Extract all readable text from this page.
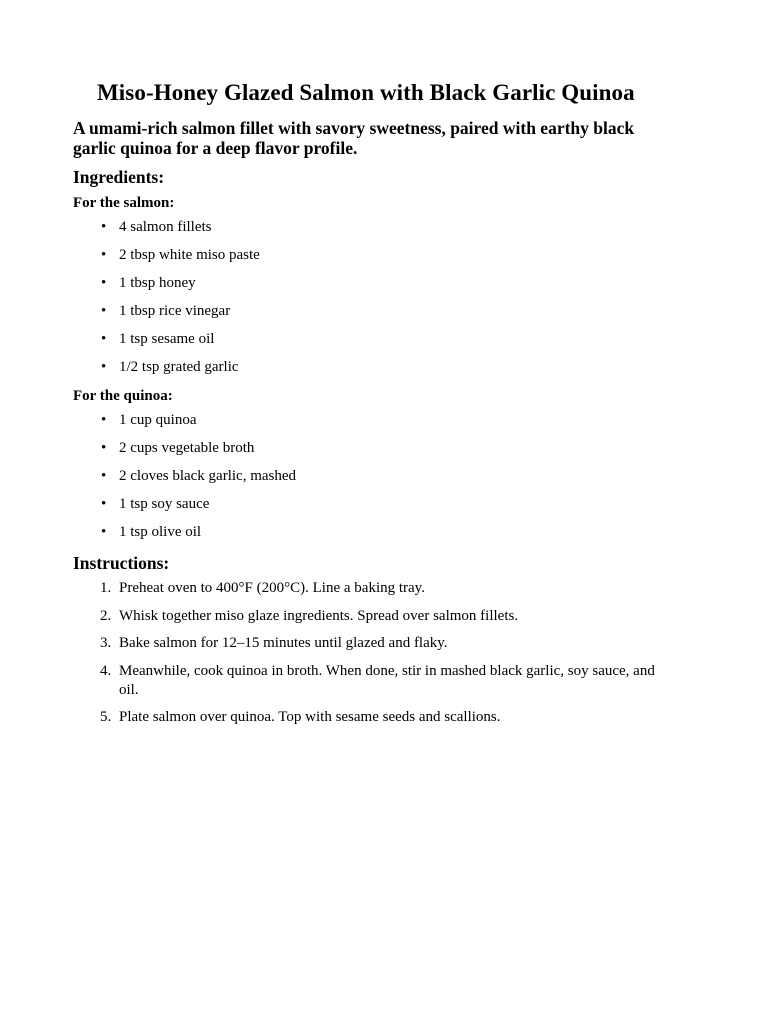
Miso-Honey Glazed Salmon with Black Garlic Quinoa
A umami-rich salmon fillet with savory sweetness, paired with earthy black garlic quinoa for a deep flavor profile.
Ingredients:
For the salmon:
• 4 salmon fillets
• 2 tbsp white miso paste
• 1 tbsp honey
• 1 tbsp rice vinegar
• 1 tsp sesame oil
• 1/2 tsp grated garlic
For the quinoa:
• 1 cup quinoa
• 2 cups vegetable broth
• 2 cloves black garlic, mashed
• 1 tsp soy sauce
• 1 tsp olive oil
Instructions:
1. Preheat oven to 400°F (200°C). Line a baking tray.
2. Whisk together miso glaze ingredients. Spread over salmon fillets.
3. Bake salmon for 12–15 minutes until glazed and flaky.
4. Meanwhile, cook quinoa in broth. When done, stir in mashed black garlic, soy sauce, and oil.
5. Plate salmon over quinoa. Top with sesame seeds and scallions.
